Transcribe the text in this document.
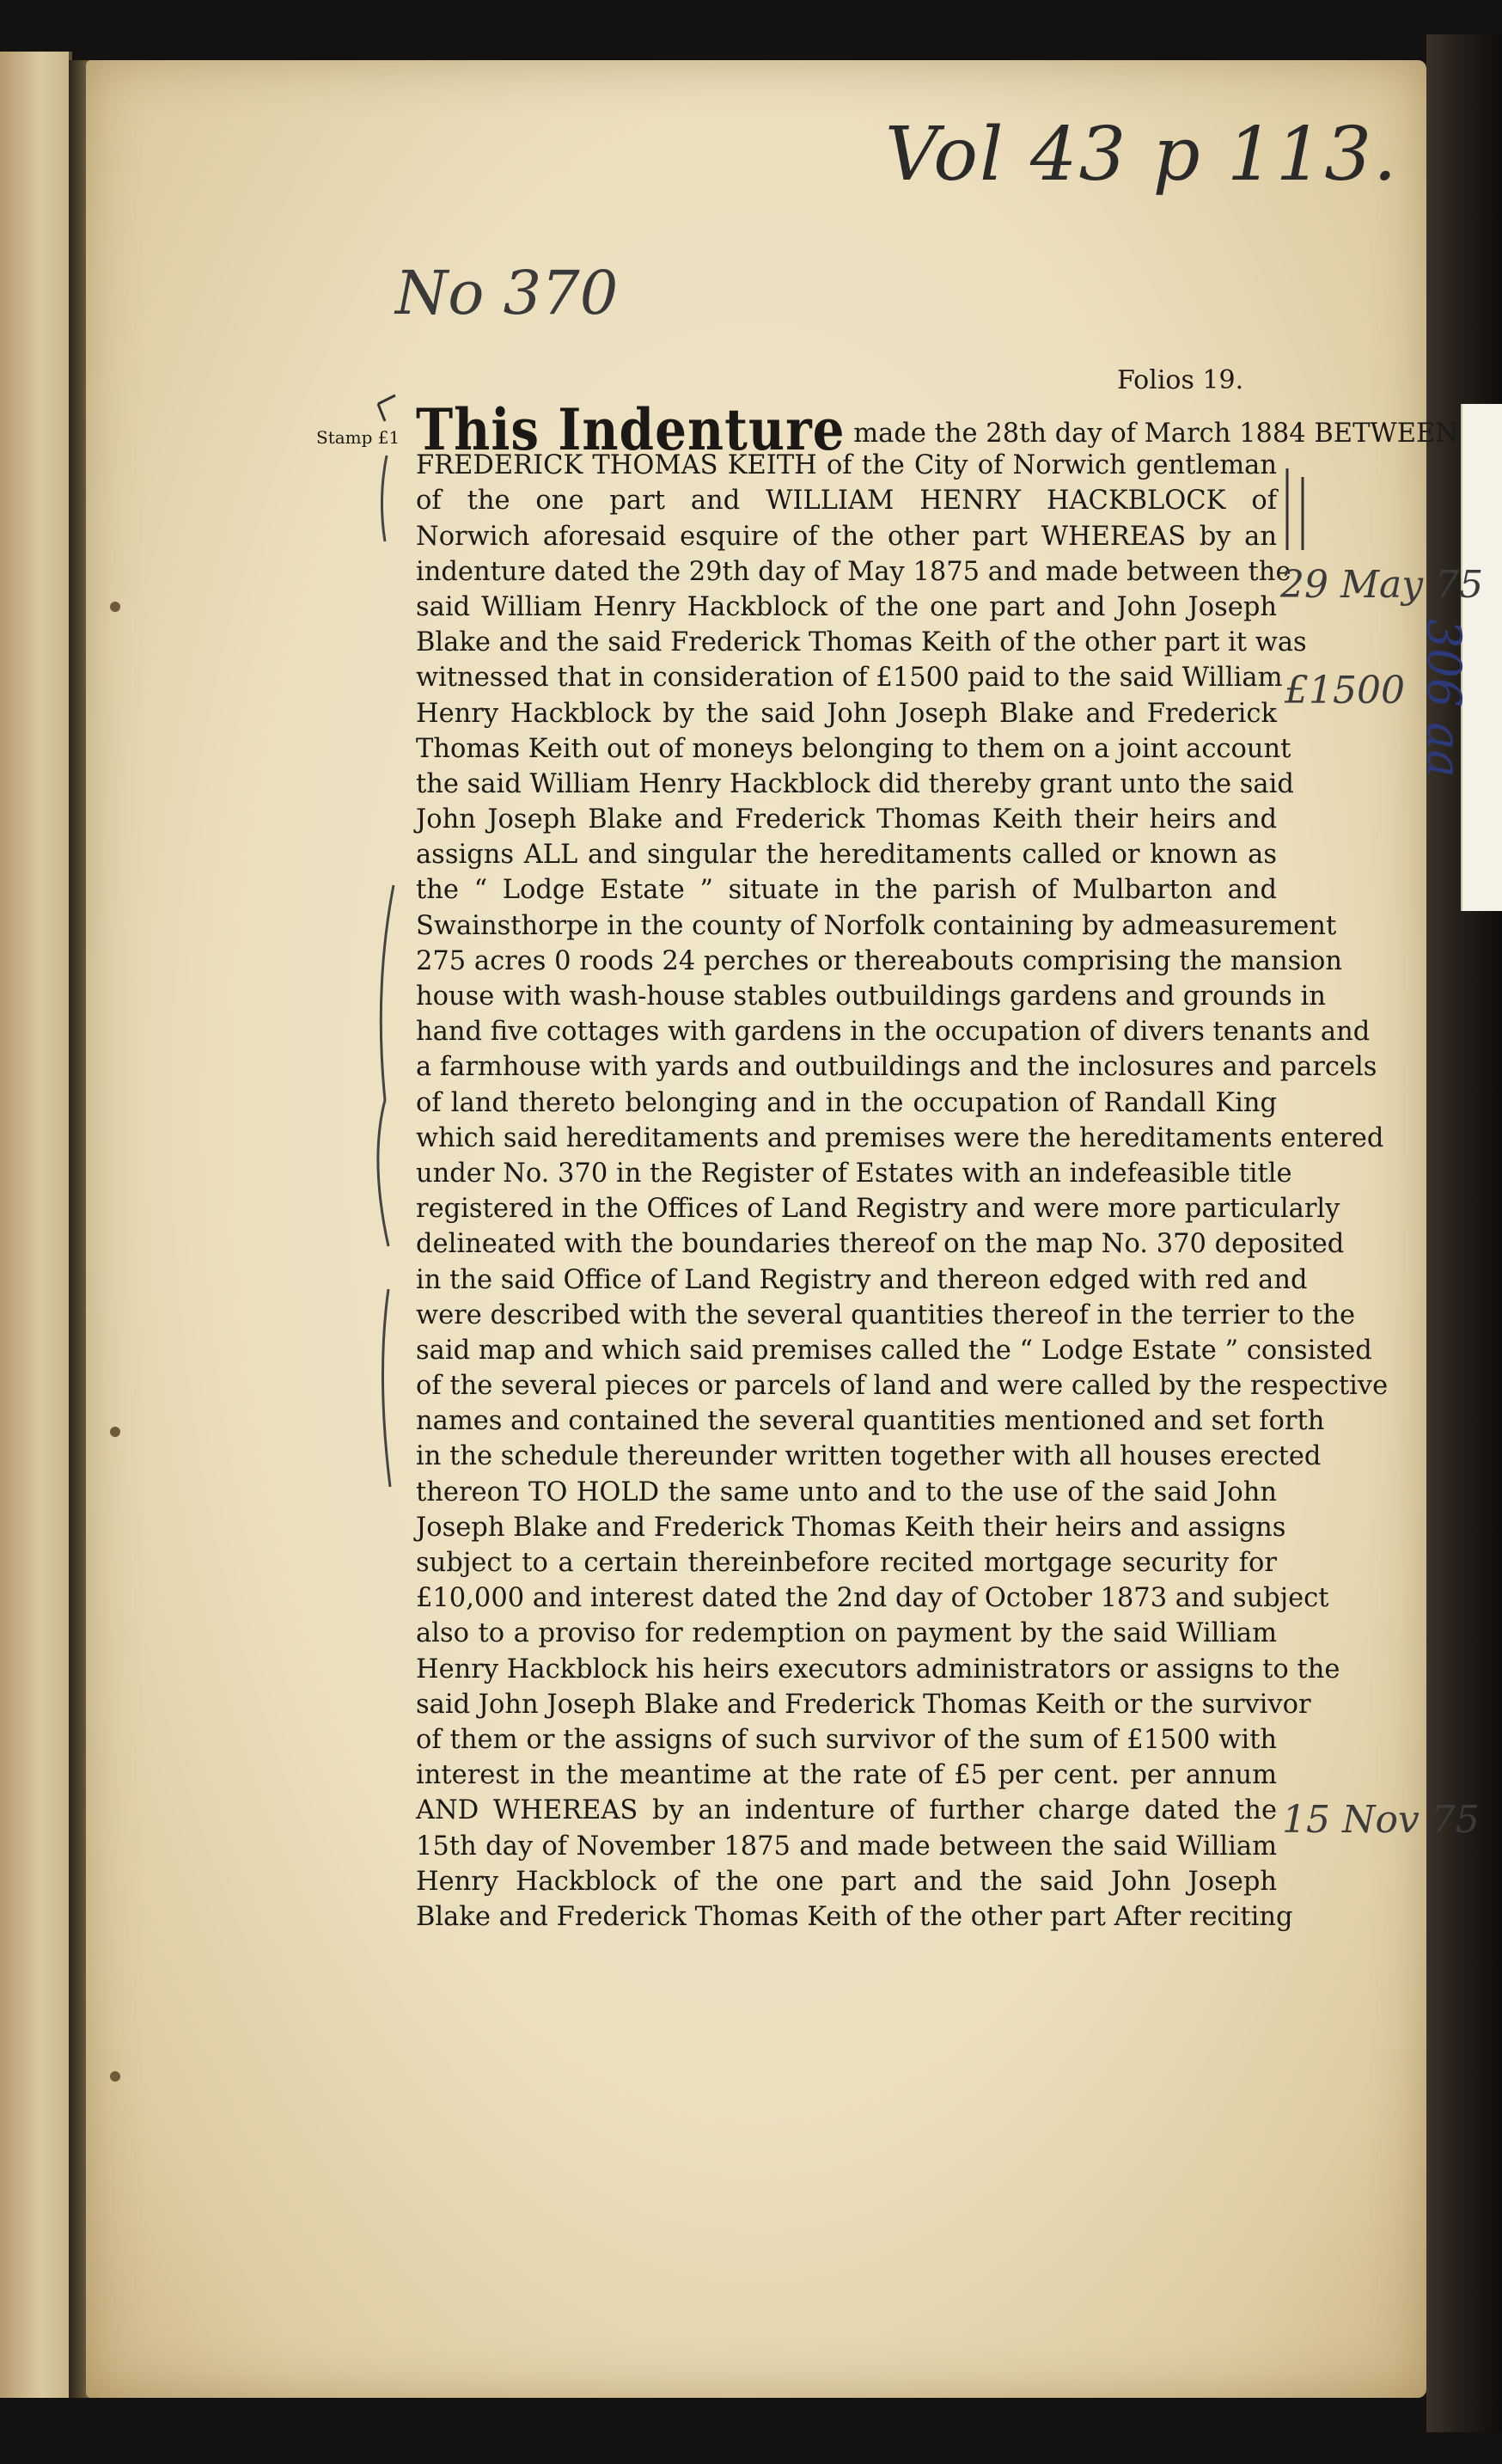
306 aa
Vol 43 p 113.
No 370
Folios 19.
Stamp £1 This Indenture made the 28th day of March 1884 BETWEEN
FREDERICK THOMAS KEITH of the City of Norwich gentleman
of the one part and WILLIAM HENRY HACKBLOCK of
Norwich aforesaid esquire of the other part WHEREAS by an
indenture dated the 29th day of May 1875 and made between the
said William Henry Hackblock of the one part and John Joseph
Blake and the said Frederick Thomas Keith of the other part it was
witnessed that in consideration of £1500 paid to the said William
Henry Hackblock by the said John Joseph Blake and Frederick
Thomas Keith out of moneys belonging to them on a joint account
the said William Henry Hackblock did thereby grant unto the said
John Joseph Blake and Frederick Thomas Keith their heirs and
assigns ALL and singular the hereditaments called or known as
the “ Lodge Estate ” situate in the parish of Mulbarton and
Swainsthorpe in the county of Norfolk containing by admeasurement
275 acres 0 roods 24 perches or thereabouts comprising the mansion
house with wash-house stables outbuildings gardens and grounds in
hand five cottages with gardens in the occupation of divers tenants and
a farmhouse with yards and outbuildings and the inclosures and parcels
of land thereto belonging and in the occupation of Randall King
which said hereditaments and premises were the hereditaments entered
under No. 370 in the Register of Estates with an indefeasible title
registered in the Offices of Land Registry and were more particularly
delineated with the boundaries thereof on the map No. 370 deposited
in the said Office of Land Registry and thereon edged with red and
were described with the several quantities thereof in the terrier to the
said map and which said premises called the “ Lodge Estate ” consisted
of the several pieces or parcels of land and were called by the respective
names and contained the several quantities mentioned and set forth
in the schedule thereunder written together with all houses erected
thereon TO HOLD the same unto and to the use of the said John
Joseph Blake and Frederick Thomas Keith their heirs and assigns
subject to a certain thereinbefore recited mortgage security for
£10,000 and interest dated the 2nd day of October 1873 and subject
also to a proviso for redemption on payment by the said William
Henry Hackblock his heirs executors administrators or assigns to the
said John Joseph Blake and Frederick Thomas Keith or the survivor
of them or the assigns of such survivor of the sum of £1500 with
interest in the meantime at the rate of £5 per cent. per annum
AND WHEREAS by an indenture of further charge dated the
15th day of November 1875 and made between the said William
Henry Hackblock of the one part and the said John Joseph
Blake and Frederick Thomas Keith of the other part After reciting
29 May 75
£1500
15 Nov 75
